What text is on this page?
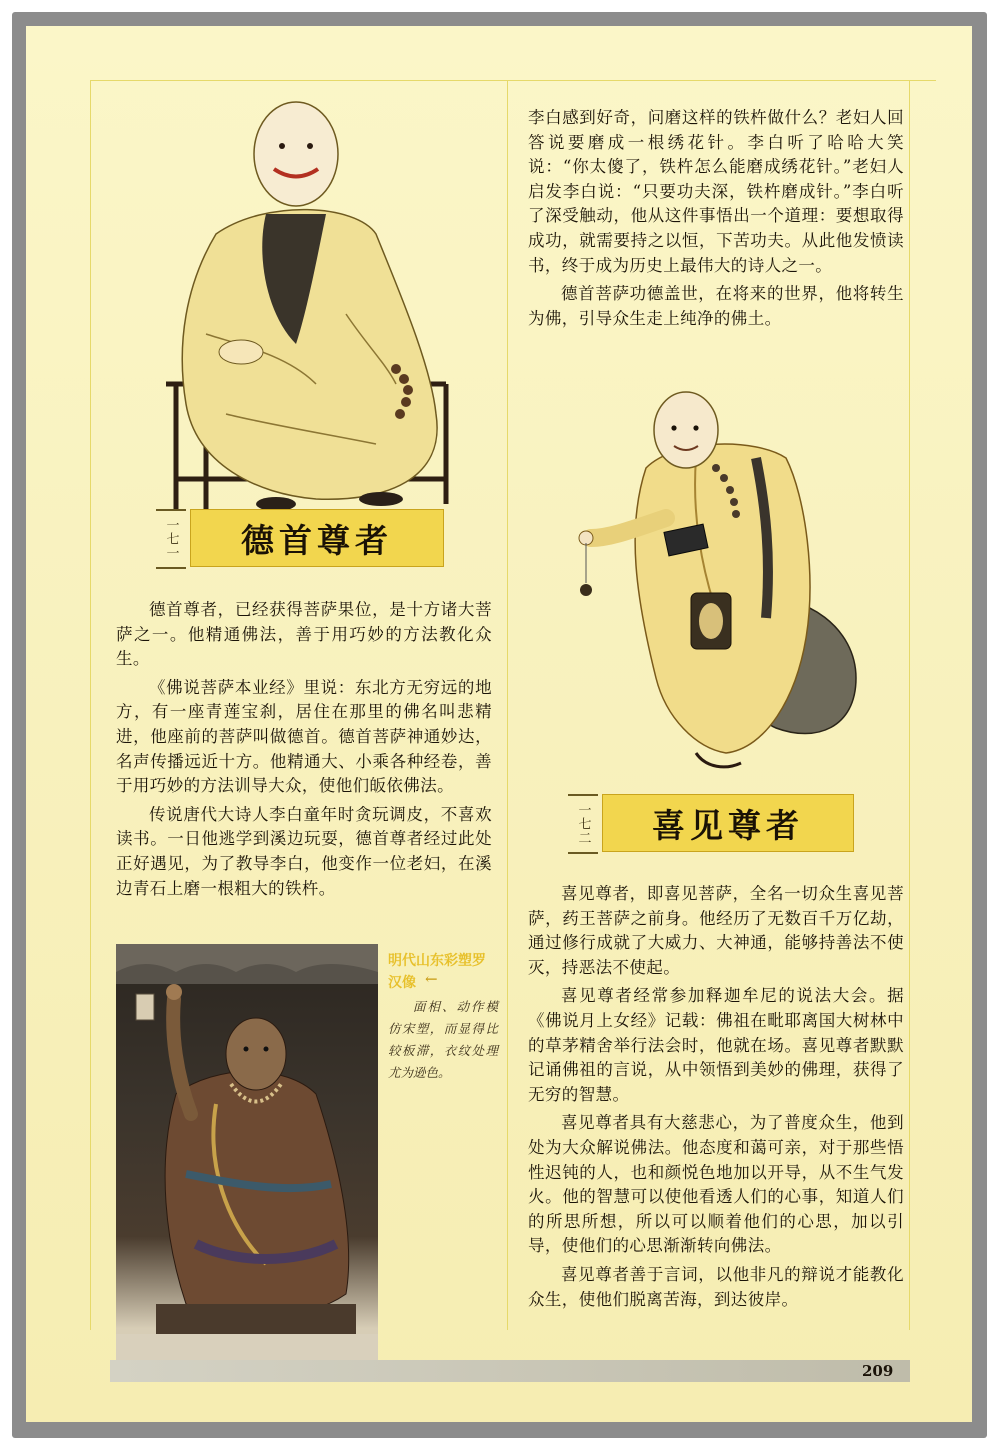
一七一	德首尊者

德首尊者，已经获得菩萨果位，是十方诸大菩萨之一。他精通佛法，善于用巧妙的方法教化众生。

《佛说菩萨本业经》里说：东北方无穷远的地方，有一座青莲宝刹，居住在那里的佛名叫悲精进，他座前的菩萨叫做德首。德首菩萨神通妙达，名声传播远近十方。他精通大、小乘各种经卷，善于用巧妙的方法训导大众，使他们皈依佛法。

传说唐代大诗人李白童年时贪玩调皮，不喜欢读书。一日他逃学到溪边玩耍，德首尊者经过此处正好遇见，为了教导李白，他变作一位老妇，在溪边青石上磨一根粗大的铁杵。

明代山东彩塑罗汉像 ←

面相、动作模仿宋塑，而显得比较板滞，衣纹处理尤为逊色。

李白感到好奇，问磨这样的铁杵做什么？老妇人回答说要磨成一根绣花针。李白听了哈哈大笑说：“你太傻了，铁杵怎么能磨成绣花针。”老妇人启发李白说：“只要功夫深，铁杵磨成针。”李白听了深受触动，他从这件事悟出一个道理：要想取得成功，就需要持之以恒，下苦功夫。从此他发愤读书，终于成为历史上最伟大的诗人之一。

德首菩萨功德盖世，在将来的世界，他将转生为佛，引导众生走上纯净的佛土。

一七二	喜见尊者

喜见尊者，即喜见菩萨，全名一切众生喜见菩萨，药王菩萨之前身。他经历了无数百千万亿劫，通过修行成就了大威力、大神通，能够持善法不使灭，持恶法不使起。

喜见尊者经常参加释迦牟尼的说法大会。据《佛说月上女经》记载：佛祖在毗耶离国大树林中的草茅精舍举行法会时，他就在场。喜见尊者默默记诵佛祖的言说，从中领悟到美妙的佛理，获得了无穷的智慧。

喜见尊者具有大慈悲心，为了普度众生，他到处为大众解说佛法。他态度和蔼可亲，对于那些悟性迟钝的人，也和颜悦色地加以开导，从不生气发火。他的智慧可以使他看透人们的心事，知道人们的所思所想，所以可以顺着他们的心思，加以引导，使他们的心思渐渐转向佛法。

喜见尊者善于言词，以他非凡的辩说才能教化众生，使他们脱离苦海，到达彼岸。

209
